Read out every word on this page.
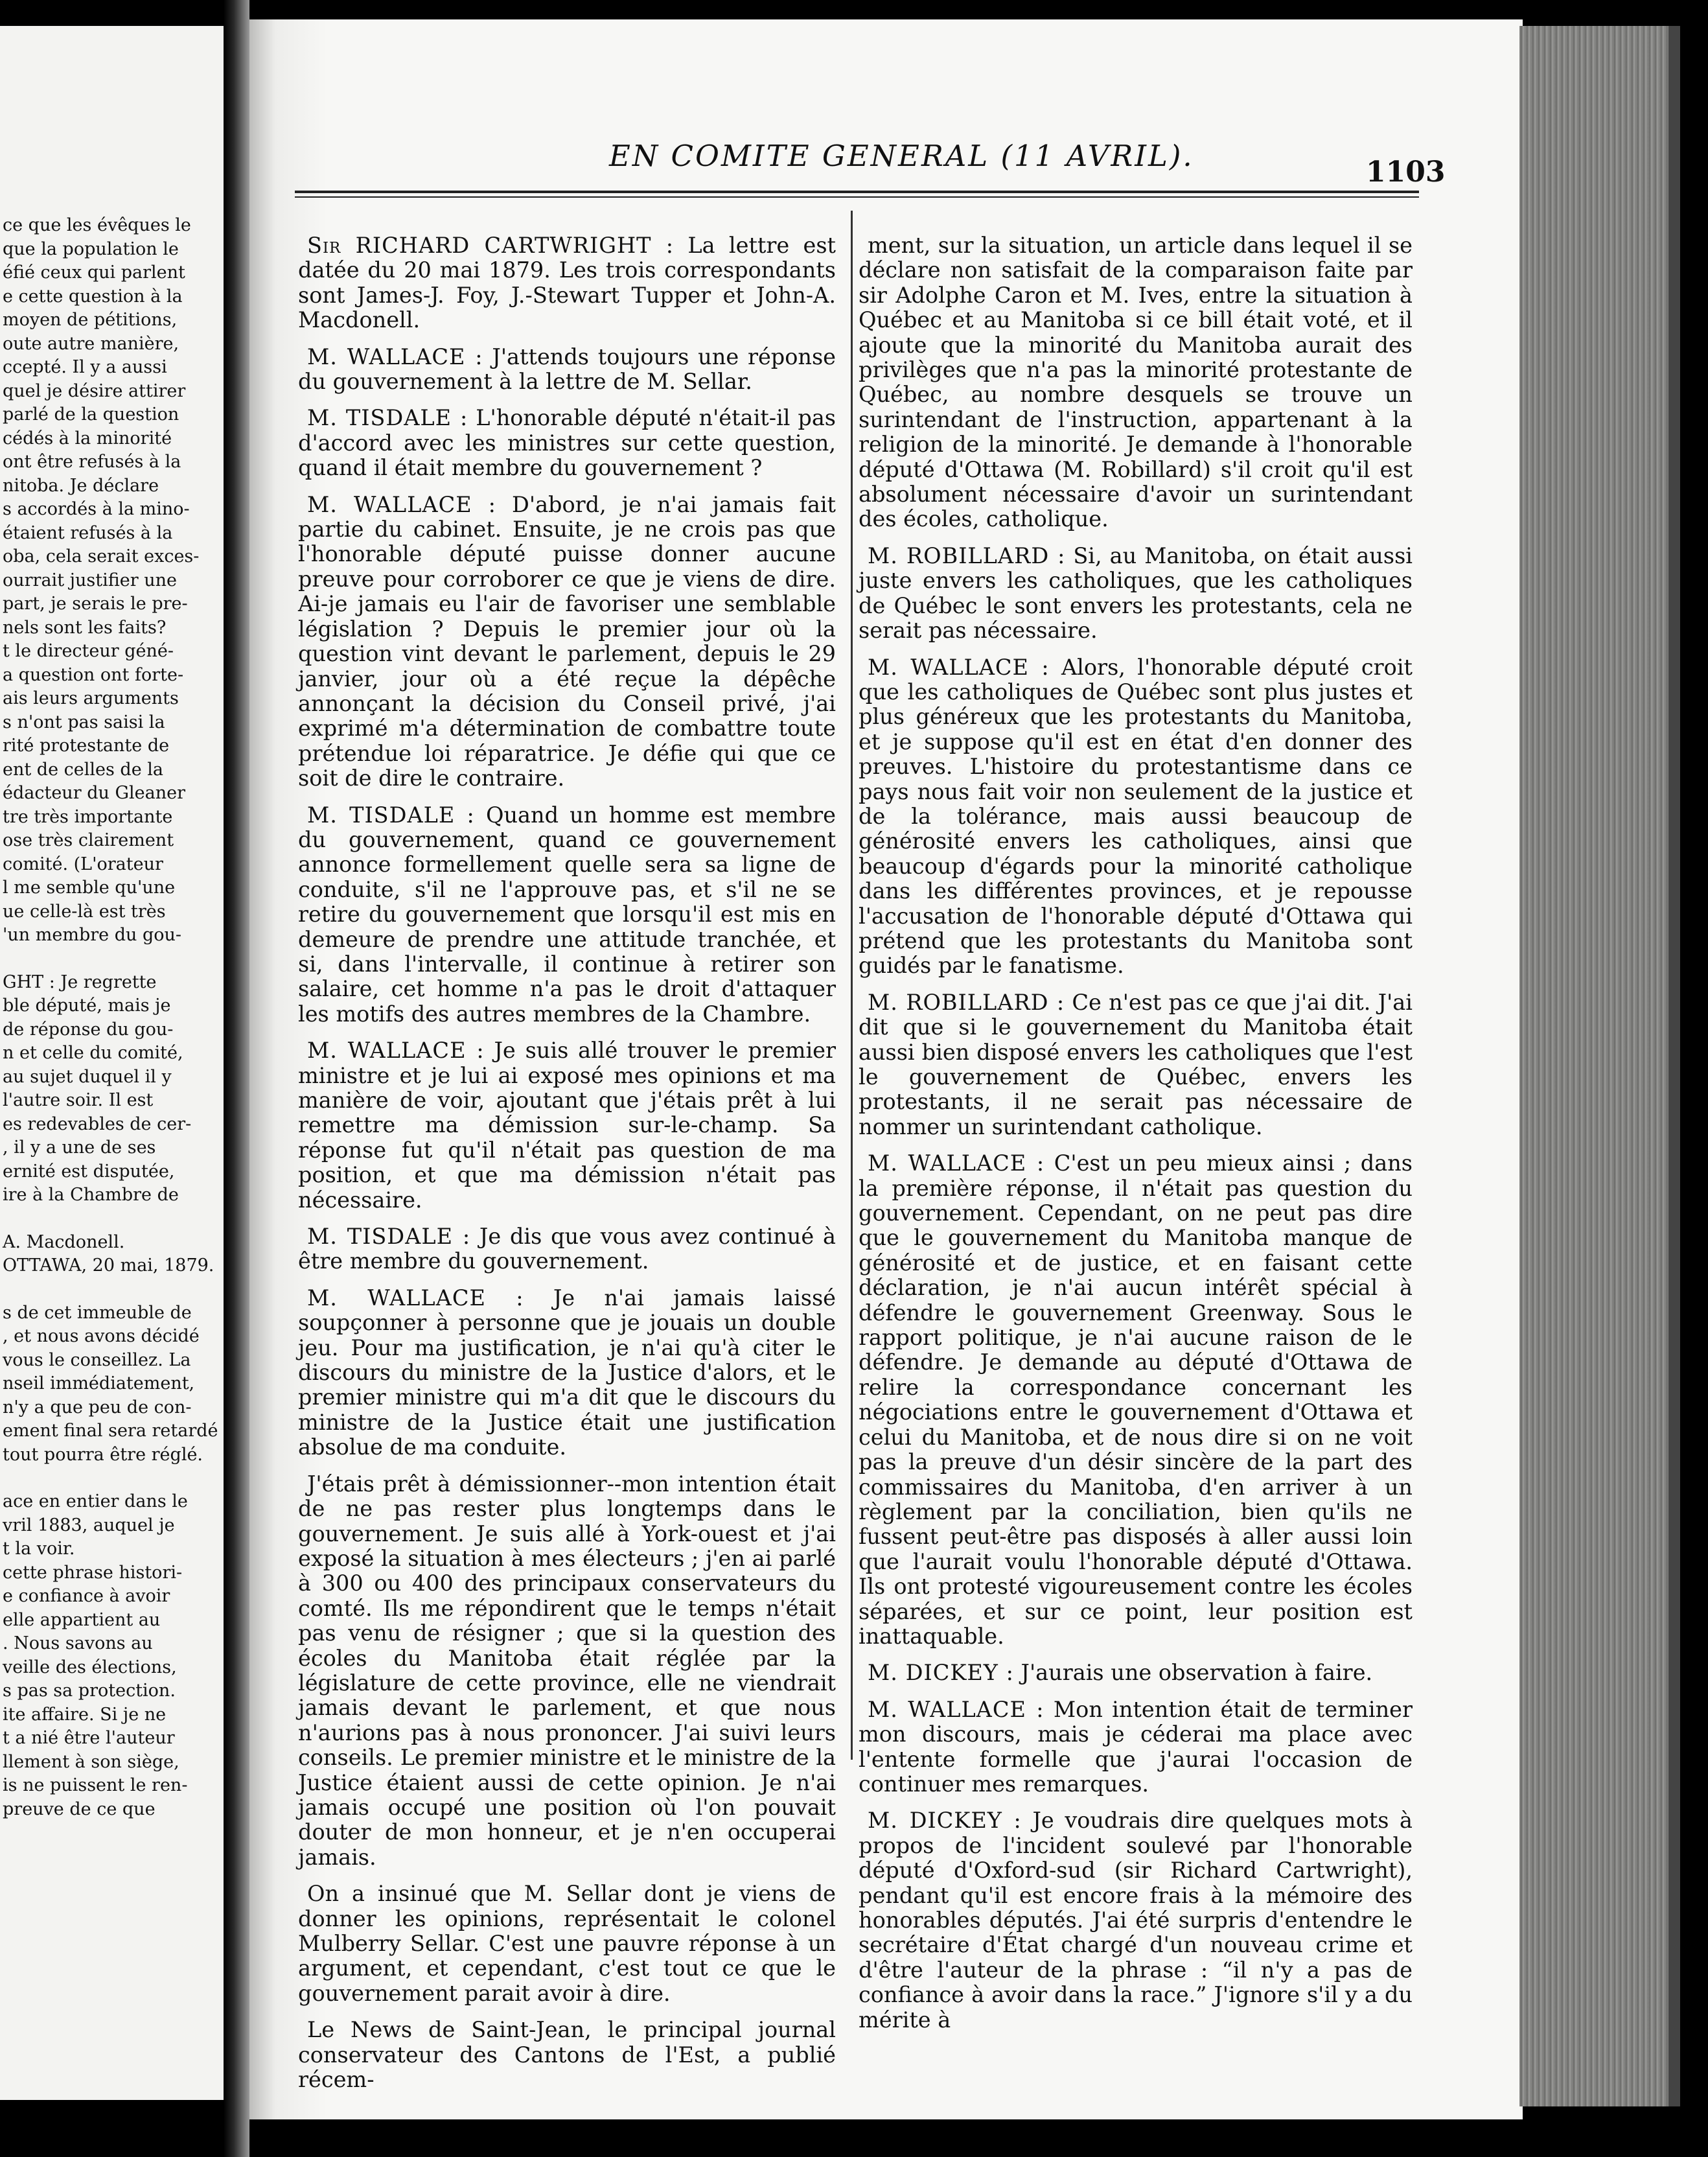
ce que les évêques le
que la population le
éfié ceux qui parlent
e cette question à la
moyen de pétitions,
oute autre manière,
ccepté. Il y a aussi
quel je désire attirer
parlé de la question
cédés à la minorité
ont être refusés à la
nitoba. Je déclare
s accordés à la mino-
étaient refusés à la
oba, cela serait exces-
ourrait justifier une
part, je serais le pre-
nels sont les faits?
t le directeur géné-
a question ont forte-
ais leurs arguments
s n'ont pas saisi la
rité protestante de
ent de celles de la
édacteur du Gleaner
tre très importante
ose très clairement
comité. (L'orateur
l me semble qu'une
ue celle-là est très
'un membre du gou-
GHT : Je regrette
ble député, mais je
de réponse du gou-
n et celle du comité,
au sujet duquel il y
l'autre soir. Il est
es redevables de cer-
, il y a une de ses
ernité est disputée,
ire à la Chambre de
A. Macdonell.
OTTAWA, 20 mai, 1879.
s de cet immeuble de
, et nous avons décidé
vous le conseillez. La
nseil immédiatement,
n'y a que peu de con-
ement final sera retardé
tout pourra être réglé.
ace en entier dans le
vril 1883, auquel je
t la voir.
cette phrase histori-
e confiance à avoir
elle appartient au
. Nous savons au
veille des élections,
s pas sa protection.
ite affaire. Si je ne
t a nié être l'auteur
llement à son siège,
is ne puissent le ren-
preuve de ce que
EN COMITE GENERAL (11 AVRIL).	1103

Sir RICHARD CARTWRIGHT : La lettre est datée du 20 mai 1879. Les trois correspondants sont James-J. Foy, J.-Stewart Tupper et John-A. Macdonell.

M. WALLACE : J'attends toujours une réponse du gouvernement à la lettre de M. Sellar.

M. TISDALE : L'honorable député n'était-il pas d'accord avec les ministres sur cette question, quand il était membre du gouvernement ?

M. WALLACE : D'abord, je n'ai jamais fait partie du cabinet. Ensuite, je ne crois pas que l'honorable député puisse donner aucune preuve pour corroborer ce que je viens de dire. Ai-je jamais eu l'air de favoriser une semblable législation ? Depuis le premier jour où la question vint devant le parlement, depuis le 29 janvier, jour où a été reçue la dépêche annonçant la décision du Conseil privé, j'ai exprimé m'a détermination de combattre toute prétendue loi réparatrice. Je défie qui que ce soit de dire le contraire.

M. TISDALE : Quand un homme est membre du gouvernement, quand ce gouvernement annonce formellement quelle sera sa ligne de conduite, s'il ne l'approuve pas, et s'il ne se retire du gouvernement que lorsqu'il est mis en demeure de prendre une attitude tranchée, et si, dans l'intervalle, il continue à retirer son salaire, cet homme n'a pas le droit d'attaquer les motifs des autres membres de la Chambre.

M. WALLACE : Je suis allé trouver le premier ministre et je lui ai exposé mes opinions et ma manière de voir, ajoutant que j'étais prêt à lui remettre ma démission sur-le-champ. Sa réponse fut qu'il n'était pas question de ma position, et que ma démission n'était pas nécessaire.

M. TISDALE : Je dis que vous avez continué à être membre du gouvernement.

M. WALLACE : Je n'ai jamais laissé soupçonner à personne que je jouais un double jeu. Pour ma justification, je n'ai qu'à citer le discours du ministre de la Justice d'alors, et le premier ministre qui m'a dit que le discours du ministre de la Justice était une justification absolue de ma conduite.

J'étais prêt à démissionner--mon intention était de ne pas rester plus longtemps dans le gouvernement. Je suis allé à York-ouest et j'ai exposé la situation à mes électeurs ; j'en ai parlé à 300 ou 400 des principaux conservateurs du comté. Ils me répondirent que le temps n'était pas venu de résigner ; que si la question des écoles du Manitoba était réglée par la législature de cette province, elle ne viendrait jamais devant le parlement, et que nous n'aurions pas à nous prononcer. J'ai suivi leurs conseils. Le premier ministre et le ministre de la Justice étaient aussi de cette opinion. Je n'ai jamais occupé une position où l'on pouvait douter de mon honneur, et je n'en occuperai jamais.

On a insinué que M. Sellar dont je viens de donner les opinions, représentait le colonel Mulberry Sellar. C'est une pauvre réponse à un argument, et cependant, c'est tout ce que le gouvernement parait avoir à dire.

Le News de Saint-Jean, le principal journal conservateur des Cantons de l'Est, a publié récem-

ment, sur la situation, un article dans lequel il se déclare non satisfait de la comparaison faite par sir Adolphe Caron et M. Ives, entre la situation à Québec et au Manitoba si ce bill était voté, et il ajoute que la minorité du Manitoba aurait des privilèges que n'a pas la minorité protestante de Québec, au nombre desquels se trouve un surintendant de l'instruction, appartenant à la religion de la minorité. Je demande à l'honorable député d'Ottawa (M. Robillard) s'il croit qu'il est absolument nécessaire d'avoir un surintendant des écoles, catholique.

M. ROBILLARD : Si, au Manitoba, on était aussi juste envers les catholiques, que les catholiques de Québec le sont envers les protestants, cela ne serait pas nécessaire.

M. WALLACE : Alors, l'honorable député croit que les catholiques de Québec sont plus justes et plus généreux que les protestants du Manitoba, et je suppose qu'il est en état d'en donner des preuves. L'histoire du protestantisme dans ce pays nous fait voir non seulement de la justice et de la tolérance, mais aussi beaucoup de générosité envers les catholiques, ainsi que beaucoup d'égards pour la minorité catholique dans les différentes provinces, et je repousse l'accusation de l'honorable député d'Ottawa qui prétend que les protestants du Manitoba sont guidés par le fanatisme.

M. ROBILLARD : Ce n'est pas ce que j'ai dit. J'ai dit que si le gouvernement du Manitoba était aussi bien disposé envers les catholiques que l'est le gouvernement de Québec, envers les protestants, il ne serait pas nécessaire de nommer un surintendant catholique.

M. WALLACE : C'est un peu mieux ainsi ; dans la première réponse, il n'était pas question du gouvernement. Cependant, on ne peut pas dire que le gouvernement du Manitoba manque de générosité et de justice, et en faisant cette déclaration, je n'ai aucun intérêt spécial à défendre le gouvernement Greenway. Sous le rapport politique, je n'ai aucune raison de le défendre. Je demande au député d'Ottawa de relire la correspondance concernant les négociations entre le gouvernement d'Ottawa et celui du Manitoba, et de nous dire si on ne voit pas la preuve d'un désir sincère de la part des commissaires du Manitoba, d'en arriver à un règlement par la conciliation, bien qu'ils ne fussent peut-être pas disposés à aller aussi loin que l'aurait voulu l'honorable député d'Ottawa. Ils ont protesté vigoureusement contre les écoles séparées, et sur ce point, leur position est inattaquable.

M. DICKEY : J'aurais une observation à faire.

M. WALLACE : Mon intention était de terminer mon discours, mais je céderai ma place avec l'entente formelle que j'aurai l'occasion de continuer mes remarques.

M. DICKEY : Je voudrais dire quelques mots à propos de l'incident soulevé par l'honorable député d'Oxford-sud (sir Richard Cartwright), pendant qu'il est encore frais à la mémoire des honorables députés. J'ai été surpris d'entendre le secrétaire d'État chargé d'un nouveau crime et d'être l'auteur de la phrase : “il n'y a pas de confiance à avoir dans la race.” J'ignore s'il y a du mérite à
